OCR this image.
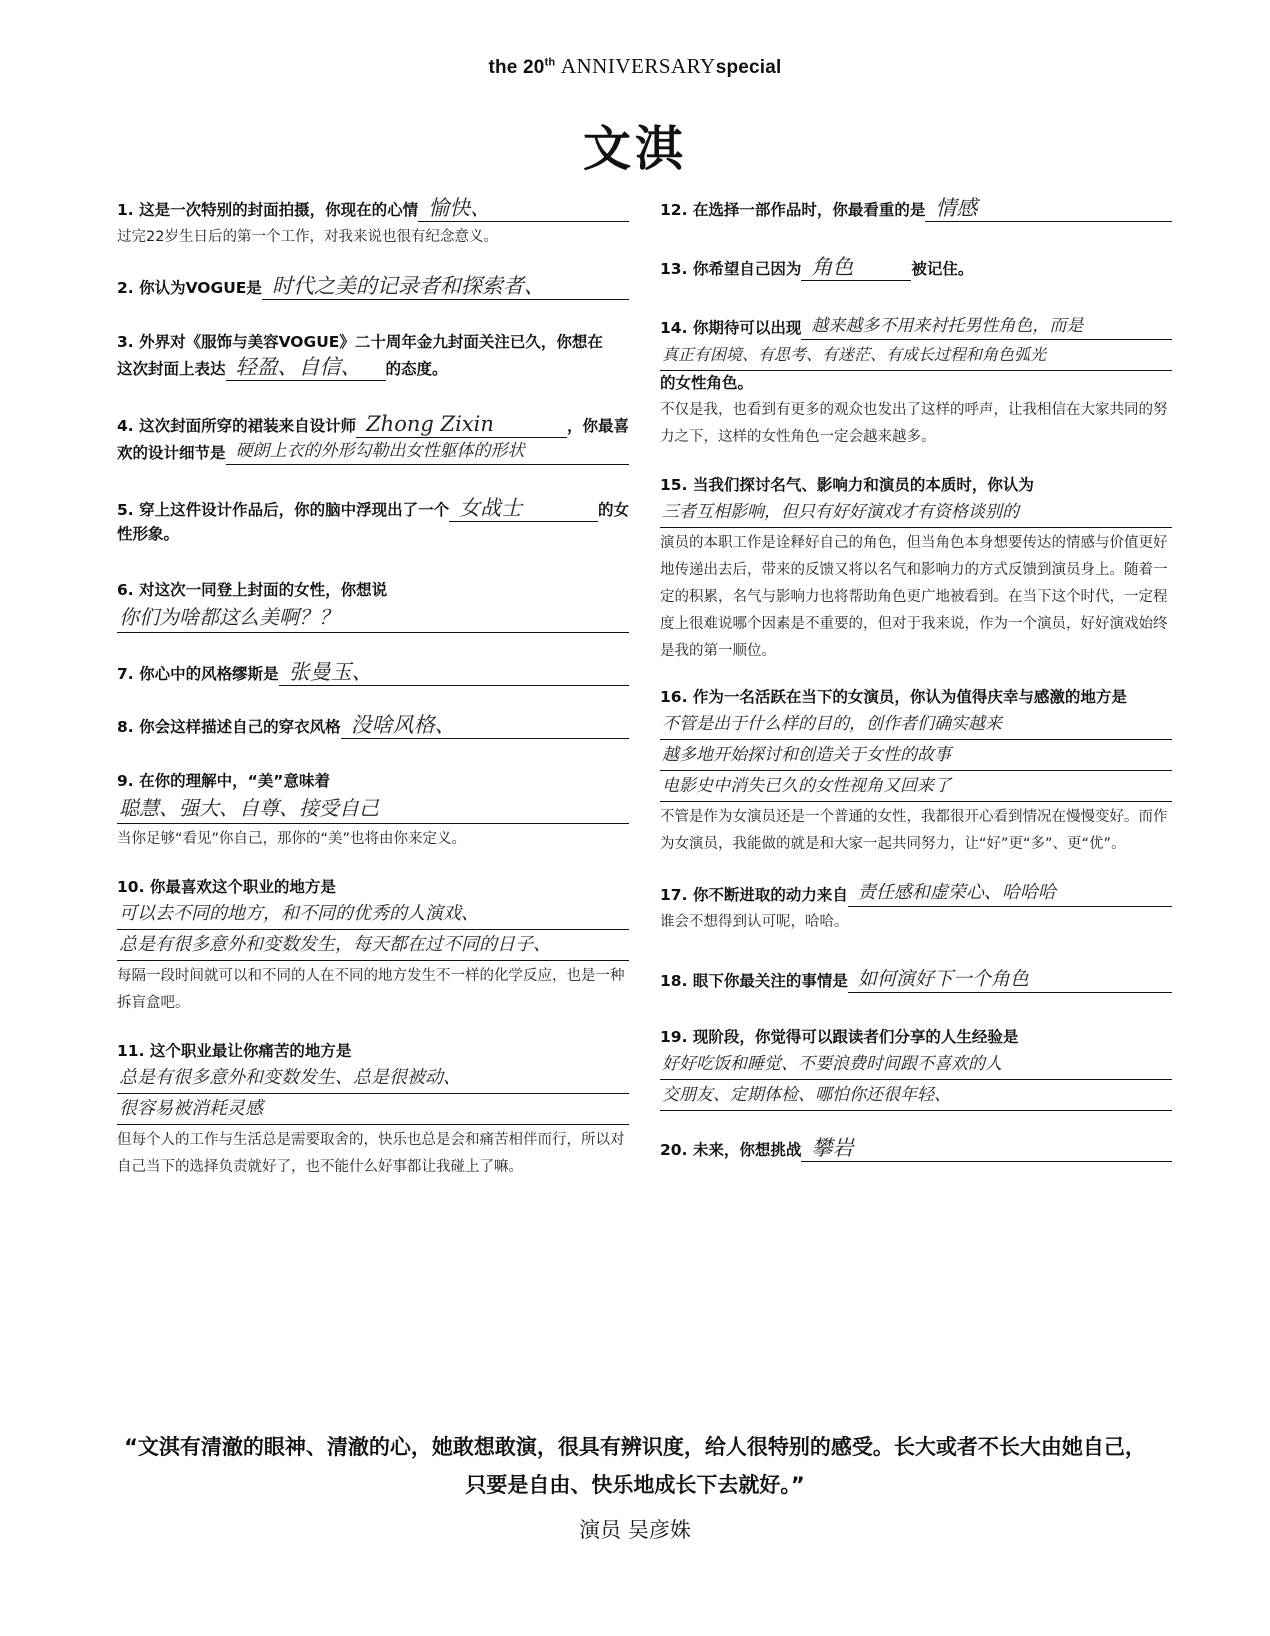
the 20th ANNIVERSARYspecial
文淇
1. 这是一次特别的封面拍摄，你现在的心情 愉快、
过完22岁生日后的第一个工作，对我来说也很有纪念意义。
2. 你认为VOGUE是 时代之美的记录者和探索者、
3. 外界对《服饰与美容VOGUE》二十周年金九封面关注已久，你想在
这次封面上表达 轻盈、自信、	的态度。
4. 这次封面所穿的裙装来自设计师 Zhong Zixin	，你最喜
欢的设计细节是 硬朗上衣的外形勾勒出女性躯体的形状
5. 穿上这件设计作品后，你的脑中浮现出了一个 女战士	的女
性形象。
6. 对这次一同登上封面的女性，你想说
你们为啥都这么美啊？？
7. 你心中的风格缪斯是 张曼玉、
8. 你会这样描述自己的穿衣风格 没啥风格、
9. 在你的理解中，“美”意味着
聪慧、强大、自尊、接受自己
当你足够“看见”你自己，那你的“美”也将由你来定义。
10. 你最喜欢这个职业的地方是
可以去不同的地方，和不同的优秀的人演戏、
总是有很多意外和变数发生，每天都在过不同的日子、
每隔一段时间就可以和不同的人在不同的地方发生不一样的化学反应，也是一种拆盲盒吧。
11. 这个职业最让你痛苦的地方是
总是有很多意外和变数发生、总是很被动、
很容易被消耗灵感
但每个人的工作与生活总是需要取舍的，快乐也总是会和痛苦相伴而行，所以对自己当下的选择负责就好了，也不能什么好事都让我碰上了嘛。
12. 在选择一部作品时，你最看重的是 情感
13. 你希望自己因为 角色	被记住。
14. 你期待可以出现 越来越多不用来衬托男性角色，而是
真正有困境、有思考、有迷茫、有成长过程和角色弧光
的女性角色。
不仅是我，也看到有更多的观众也发出了这样的呼声，让我相信在大家共同的努力之下，这样的女性角色一定会越来越多。
15. 当我们探讨名气、影响力和演员的本质时，你认为
三者互相影响，但只有好好演戏才有资格谈别的
演员的本职工作是诠释好自己的角色，但当角色本身想要传达的情感与价值更好地传递出去后，带来的反馈又将以名气和影响力的方式反馈到演员身上。随着一定的积累，名气与影响力也将帮助角色更广地被看到。在当下这个时代，一定程度上很难说哪个因素是不重要的，但对于我来说，作为一个演员，好好演戏始终是我的第一顺位。
16. 作为一名活跃在当下的女演员，你认为值得庆幸与感激的地方是
不管是出于什么样的目的，创作者们确实越来
越多地开始探讨和创造关于女性的故事
电影史中消失已久的女性视角又回来了
不管是作为女演员还是一个普通的女性，我都很开心看到情况在慢慢变好。而作为女演员，我能做的就是和大家一起共同努力，让“好”更“多”、更“优”。
17. 你不断进取的动力来自 责任感和虚荣心、哈哈哈
谁会不想得到认可呢，哈哈。
18. 眼下你最关注的事情是 如何演好下一个角色
19. 现阶段，你觉得可以跟读者们分享的人生经验是
好好吃饭和睡觉、不要浪费时间跟不喜欢的人
交朋友、定期体检、哪怕你还很年轻、
20. 未来，你想挑战 攀岩
“文淇有清澈的眼神、清澈的心，她敢想敢演，很具有辨识度，给人很特别的感受。长大或者不长大由她自己，
只要是自由、快乐地成长下去就好。”
演员 吴彦姝
